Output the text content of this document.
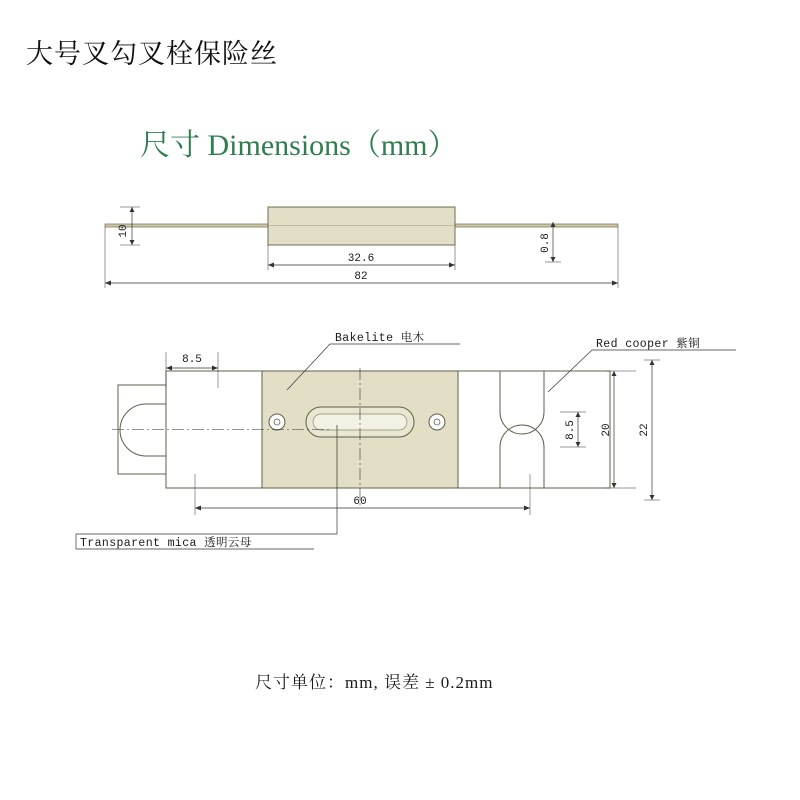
大号叉勾叉栓保险丝
尺寸 Dimensions（mm）
10
0.8
32.6
82
8.5
8.5 20 22
60
Bakelite 电木	Red cooper 紫铜
Transparent mica 透明云母
尺寸单位：mm, 误差 ± 0.2mm
